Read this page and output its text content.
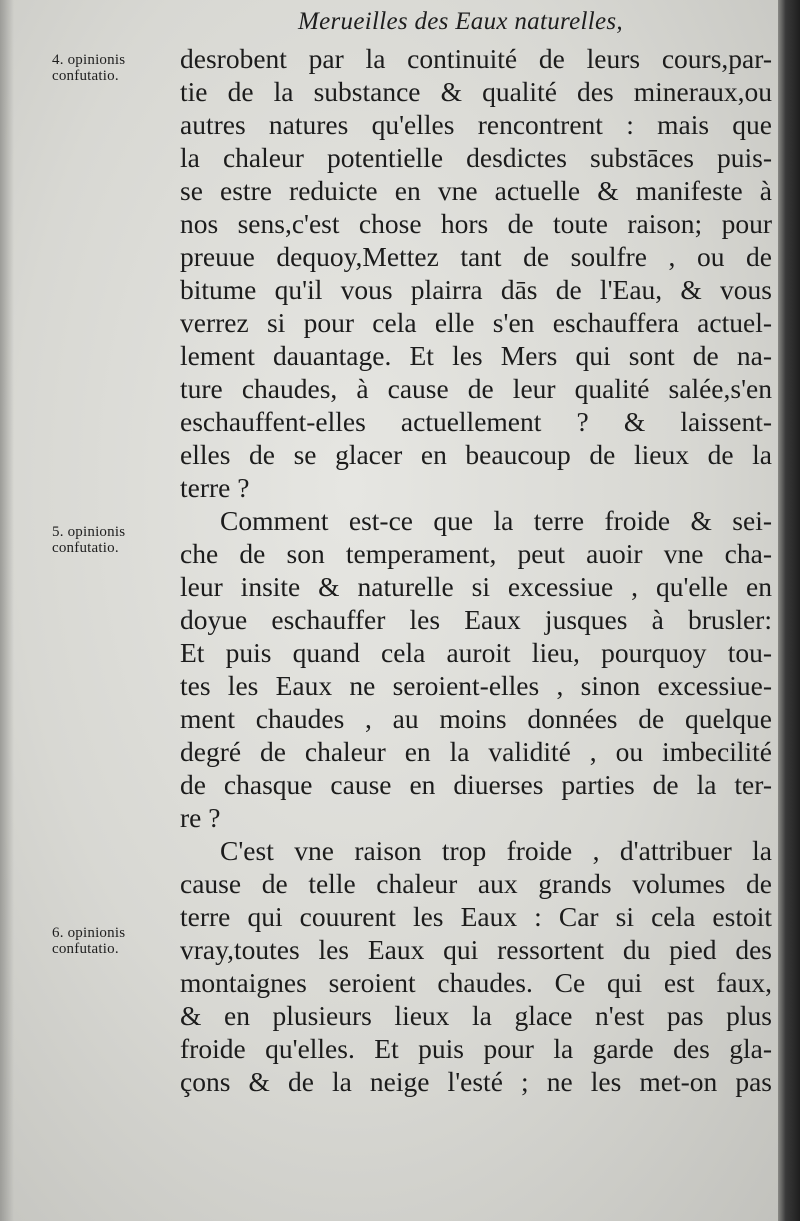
Merueilles des Eaux naturelles,
4. opinionis
confutatio.
5. opinionis
confutatio.
6. opinionis
confutatio.
desrobent par la continuité de leurs cours,par-
tie de la substance & qualité des mineraux,ou
autres natures qu'elles rencontrent : mais que
la chaleur potentielle desdictes substāces puis-
se estre reduicte en vne actuelle & manifeste à
nos sens,c'est chose hors de toute raison; pour
preuue dequoy,Mettez tant de soulfre , ou de
bitume qu'il vous plairra dās de l'Eau, & vous
verrez si pour cela elle s'en eschauffera actuel-
lement dauantage. Et les Mers qui sont de na-
ture chaudes, à cause de leur qualité salée,s'en
eschauffent-elles actuellement ? & laissent-
elles de se glacer en beaucoup de lieux de la
terre ?
Comment est-ce que la terre froide & sei-
che de son temperament, peut auoir vne cha-
leur insite & naturelle si excessiue , qu'elle en
doyue eschauffer les Eaux jusques à brusler:
Et puis quand cela auroit lieu, pourquoy tou-
tes les Eaux ne seroient-elles , sinon excessiue-
ment chaudes , au moins données de quelque
degré de chaleur en la validité , ou imbecilité
de chasque cause en diuerses parties de la ter-
re ?
C'est vne raison trop froide , d'attribuer la
cause de telle chaleur aux grands volumes de
terre qui couurent les Eaux : Car si cela estoit
vray,toutes les Eaux qui ressortent du pied des
montaignes seroient chaudes. Ce qui est faux,
& en plusieurs lieux la glace n'est pas plus
froide qu'elles. Et puis pour la garde des gla-
çons & de la neige l'esté ; ne les met-on pas
